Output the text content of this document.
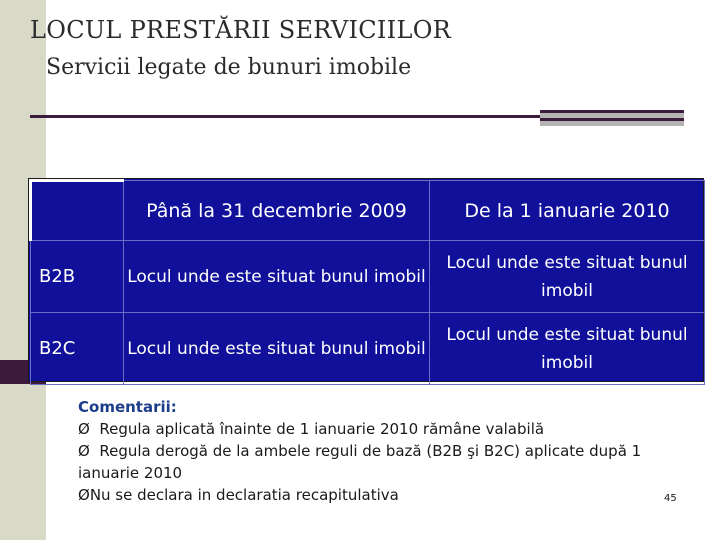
LOCUL PRESTĂRII SERVICIILOR
Servicii legate de bunuri imobile
	Până la 31 decembrie 2009	De la 1 ianuarie 2010
B2B	Locul unde este situat bunul imobil	Locul unde este situat bunul imobil
B2C	Locul unde este situat bunul imobil	Locul unde este situat bunul imobil
Comentarii:
Ø Regula aplicată înainte de 1 ianuarie 2010 rămâne valabilă
Ø Regula derogă de la ambele reguli de bază (B2B şi B2C) aplicate după 1 ianuarie 2010
ØNu se declara in declaratia recapitulativa	45
